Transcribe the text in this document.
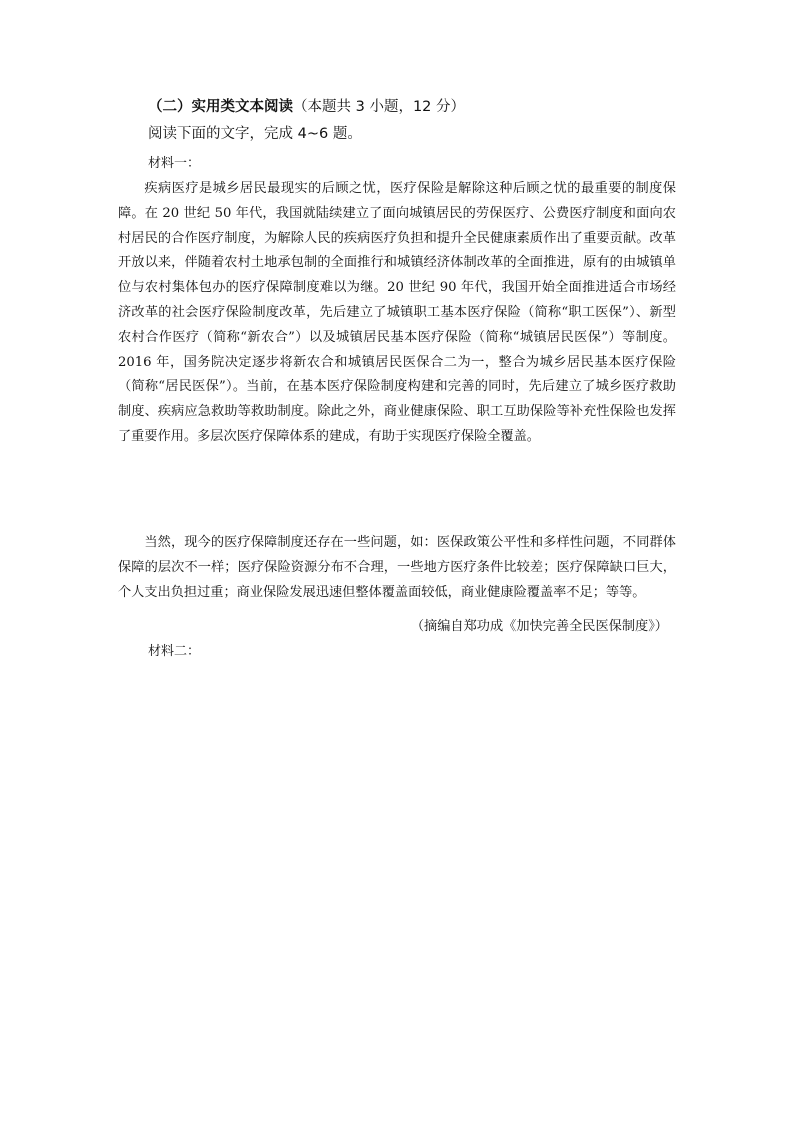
（二）实用类文本阅读（本题共 3 小题，12 分）
阅读下面的文字，完成 4~6 题。
材料一：

疾病医疗是城乡居民最现实的后顾之忧，医疗保险是解除这种后顾之忧的最重要的制度保障。在 20 世纪 50 年代，我国就陆续建立了面向城镇居民的劳保医疗、公费医疗制度和面向农村居民的合作医疗制度，为解除人民的疾病医疗负担和提升全民健康素质作出了重要贡献。改革开放以来，伴随着农村土地承包制的全面推行和城镇经济体制改革的全面推进，原有的由城镇单位与农村集体包办的医疗保障制度难以为继。20 世纪 90 年代，我国开始全面推进适合市场经济改革的社会医疗保险制度改革，先后建立了城镇职工基本医疗保险（简称“职工医保”）、新型农村合作医疗（简称“新农合”）以及城镇居民基本医疗保险（简称“城镇居民医保”）等制度。2016 年，国务院决定逐步将新农合和城镇居民医保合二为一，整合为城乡居民基本医疗保险（简称“居民医保”）。当前，在基本医疗保险制度构建和完善的同时，先后建立了城乡医疗救助制度、疾病应急救助等救助制度。除此之外，商业健康保险、职工互助保险等补充性保险也发挥了重要作用。多层次医疗保障体系的建成，有助于实现医疗保险全覆盖。

当然，现今的医疗保障制度还存在一些问题，如：医保政策公平性和多样性问题，不同群体保障的层次不一样；医疗保险资源分布不合理，一些地方医疗条件比较差；医疗保障缺口巨大，个人支出负担过重；商业保险发展迅速但整体覆盖面较低，商业健康险覆盖率不足；等等。

（摘编自郑功成《加快完善全民医保制度》）
材料二：
